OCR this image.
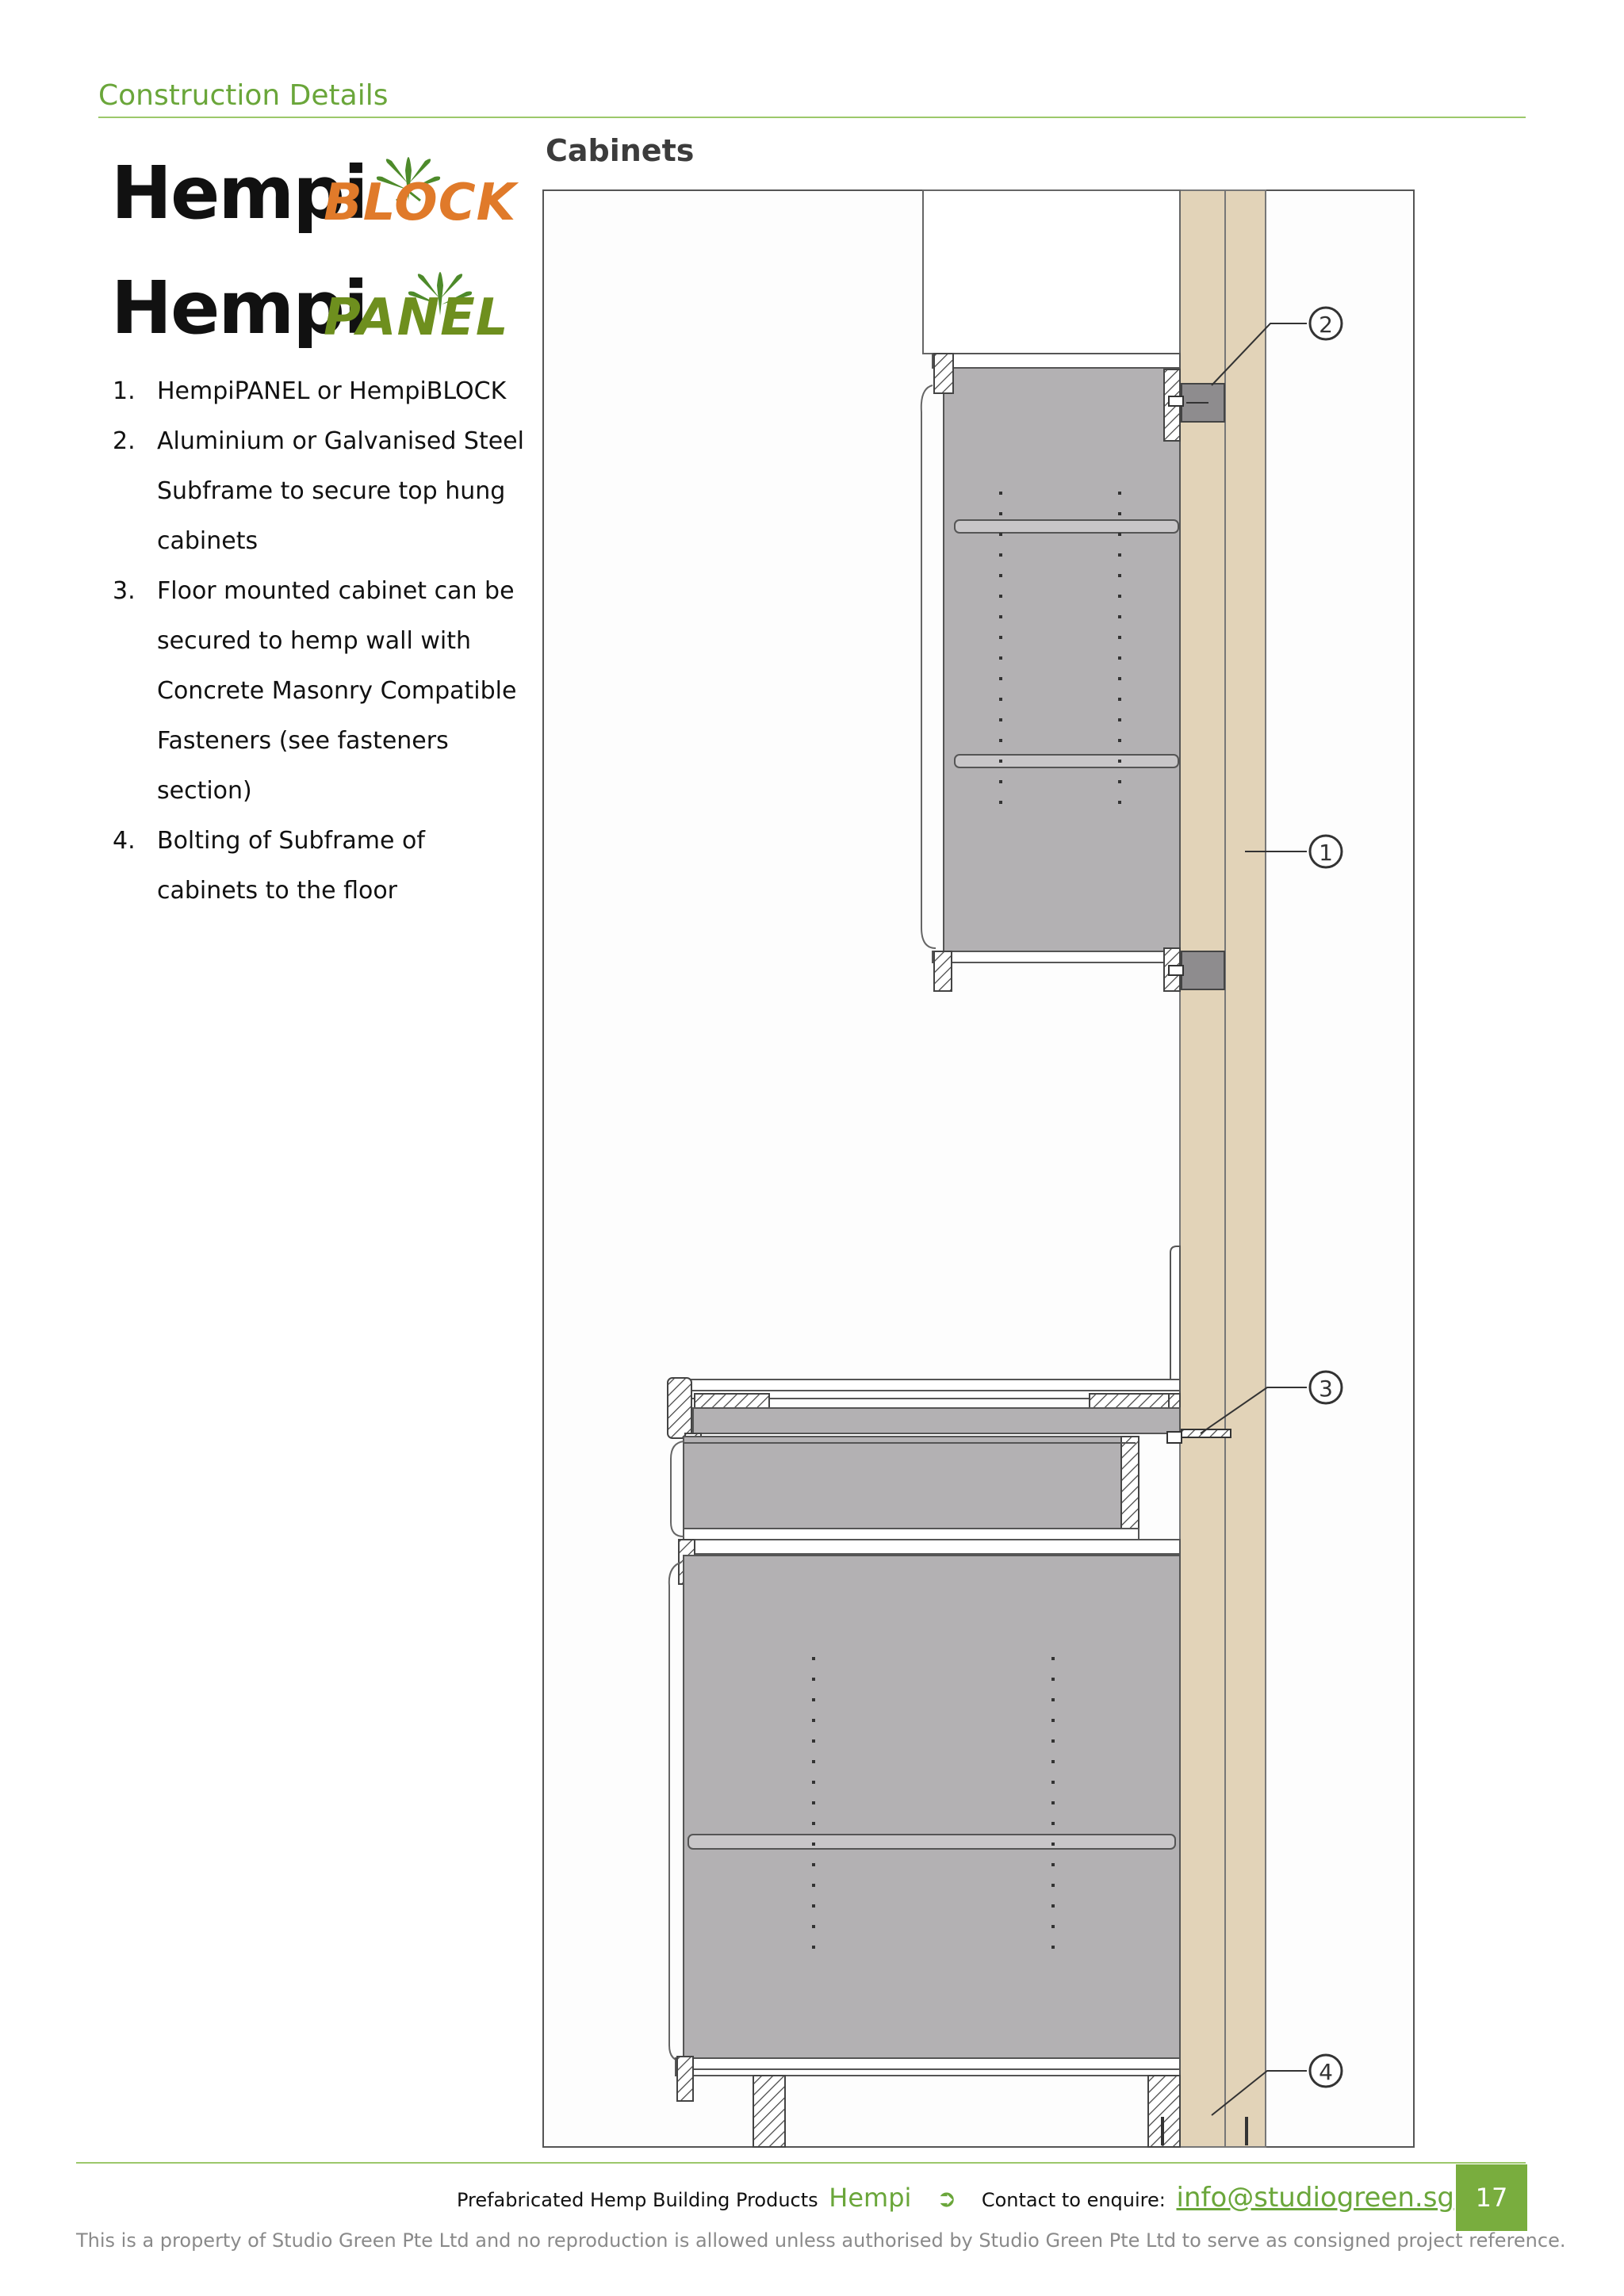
Construction Details
Hempi
BLOCK
Hempi
PANEL
1. HempiPANEL or HempiBLOCK
2. Aluminium or Galvanised Steel Subframe to secure top hung cabinets
3. Floor mounted cabinet can be secured to hemp wall with Concrete Masonry Compatible Fasteners (see fasteners section)
4. Bolting of Subframe of cabinets to the floor
Cabinets
2
1
3
4
Prefabricated Hemp Building Products Hempi ➲ Contact to enquire: info@studiogreen.sg 17
This is a property of Studio Green Pte Ltd and no reproduction is allowed unless authorised by Studio Green Pte Ltd to serve as consigned project reference.
